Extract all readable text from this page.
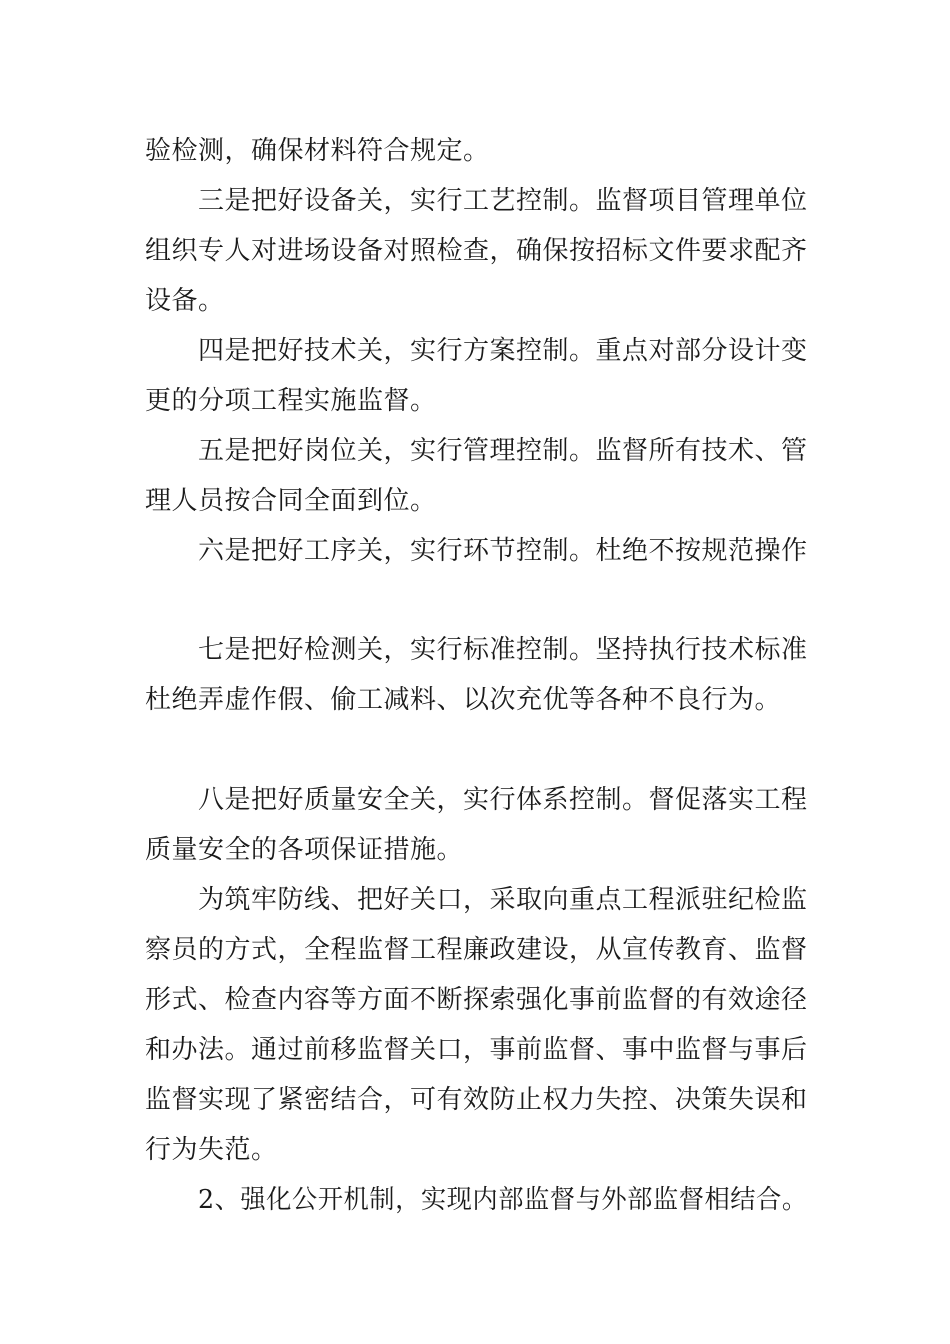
验检测，确保材料符合规定。

三是把好设备关，实行工艺控制。监督项目管理单位

组织专人对进场设备对照检查，确保按招标文件要求配齐

设备。

四是把好技术关，实行方案控制。重点对部分设计变

更的分项工程实施监督。

五是把好岗位关，实行管理控制。监督所有技术、管

理人员按合同全面到位。

六是把好工序关，实行环节控制。杜绝不按规范操作

七是把好检测关，实行标准控制。坚持执行技术标准

杜绝弄虚作假、偷工减料、以次充优等各种不良行为。

八是把好质量安全关，实行体系控制。督促落实工程

质量安全的各项保证措施。

为筑牢防线、把好关口，采取向重点工程派驻纪检监

察员的方式，全程监督工程廉政建设，从宣传教育、监督

形式、检查内容等方面不断探索强化事前监督的有效途径

和办法。通过前移监督关口，事前监督、事中监督与事后

监督实现了紧密结合，可有效防止权力失控、决策失误和

行为失范。

2、强化公开机制，实现内部监督与外部监督相结合。
